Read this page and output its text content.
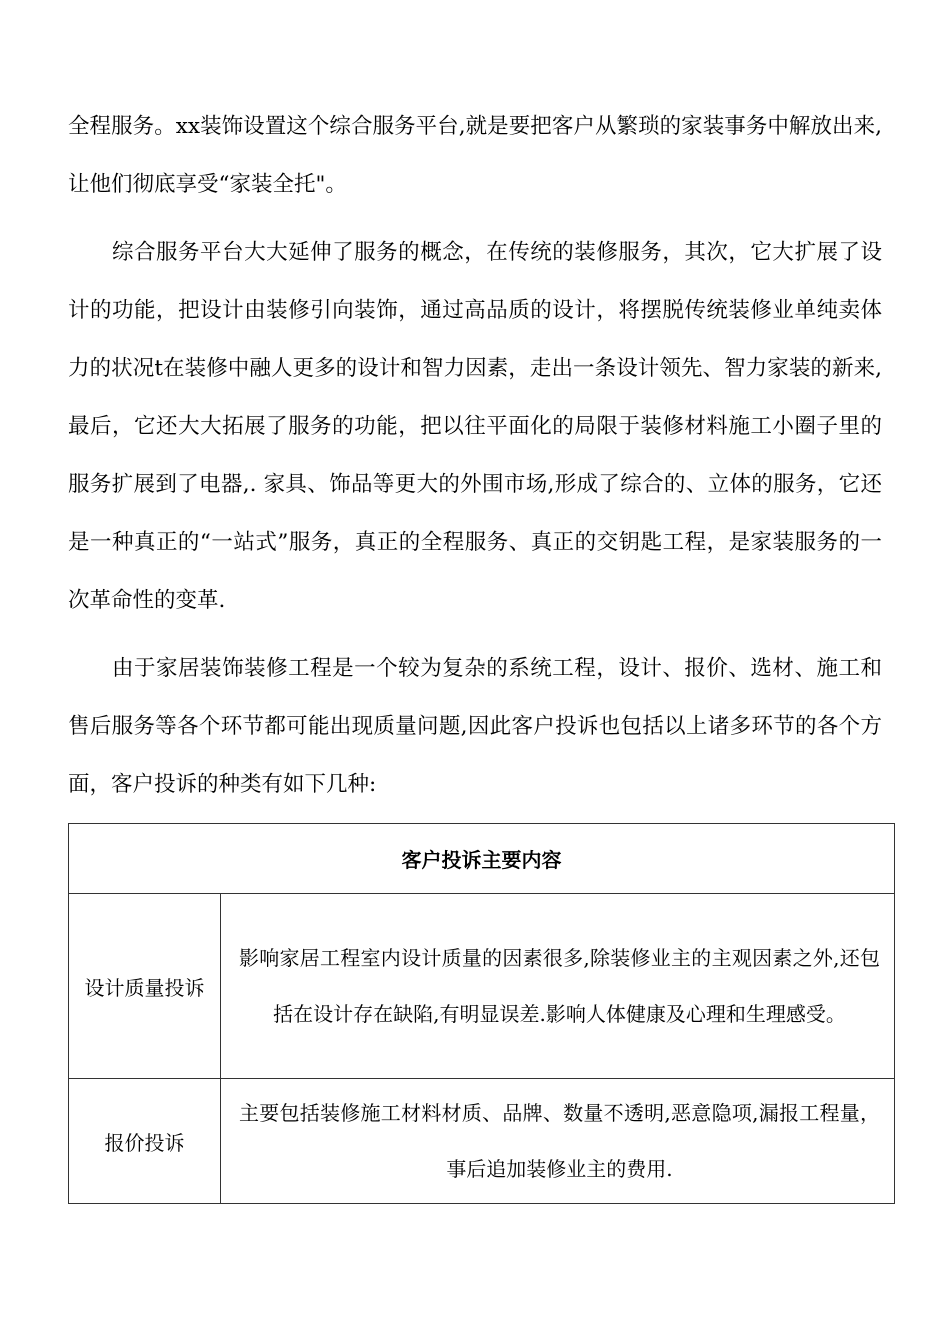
全程服务。xx装饰设置这个综合服务平台,就是要把客户从繁琐的家装事务中解放出来,让他们彻底享受“家装全托"。

综合服务平台大大延伸了服务的概念，在传统的装修服务，其次，它大扩展了设计的功能，把设计由装修引向装饰，通过高品质的设计，将摆脱传统装修业单纯卖体力的状况t在装修中融人更多的设计和智力因素，走出一条设计领先、智力家装的新来,最后，它还大大拓展了服务的功能，把以往平面化的局限于装修材料施工小圈子里的服务扩展到了电器,. 家具、饰品等更大的外围市场,形成了综合的、立体的服务，它还是一种真正的“一站式”服务，真正的全程服务、真正的交钥匙工程，是家装服务的一次革命性的变革.

由于家居装饰装修工程是一个较为复杂的系统工程，设计、报价、选材、施工和售后服务等各个环节都可能出现质量问题,因此客户投诉也包括以上诸多环节的各个方面，客户投诉的种类有如下几种:

客户投诉主要内容	
设计质量投诉	影响家居工程室内设计质量的因素很多,除装修业主的主观因素之外,还包括在设计存在缺陷,有明显误差.影响人体健康及心理和生理感受。
报价投诉	主要包括装修施工材料材质、品牌、数量不透明,恶意隐项,漏报工程量，事后追加装修业主的费用.
